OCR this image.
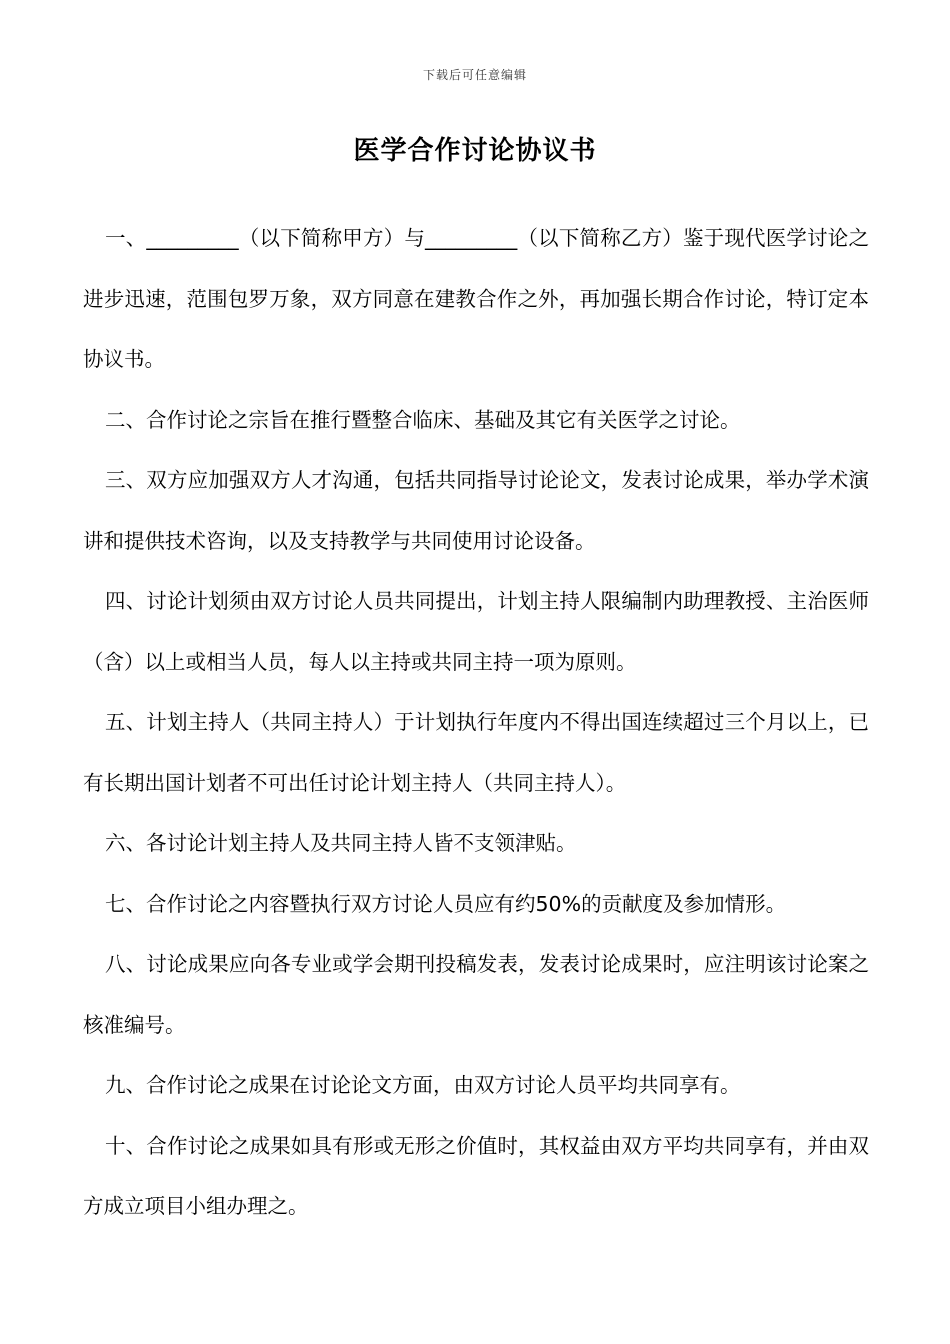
下载后可任意编辑
医学合作讨论协议书

一、_________（以下简称甲方）与_________（以下简称乙方）鉴于现代医学讨论之进步迅速，范围包罗万象，双方同意在建教合作之外，再加强长期合作讨论，特订定本协议书。

二、合作讨论之宗旨在推行暨整合临床、基础及其它有关医学之讨论。

三、双方应加强双方人才沟通，包括共同指导讨论论文，发表讨论成果，举办学术演讲和提供技术咨询，以及支持教学与共同使用讨论设备。

四、讨论计划须由双方讨论人员共同提出，计划主持人限编制内助理教授、主治医师（含）以上或相当人员，每人以主持或共同主持一项为原则。

五、计划主持人（共同主持人）于计划执行年度内不得出国连续超过三个月以上，已有长期出国计划者不可出任讨论计划主持人（共同主持人）。

六、各讨论计划主持人及共同主持人皆不支领津贴。

七、合作讨论之内容暨执行双方讨论人员应有约50%的贡献度及参加情形。

八、讨论成果应向各专业或学会期刊投稿发表，发表讨论成果时，应注明该讨论案之核准编号。

九、合作讨论之成果在讨论论文方面，由双方讨论人员平均共同享有。

十、合作讨论之成果如具有形或无形之价值时，其权益由双方平均共同享有，并由双方成立项目小组办理之。
